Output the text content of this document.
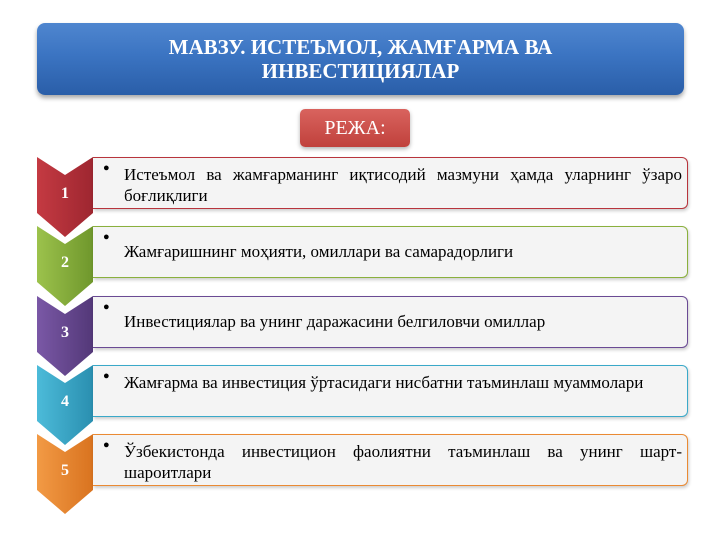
МАВЗУ. ИСТЕЪМОЛ, ЖАМҒАРМА ВА ИНВЕСТИЦИЯЛАР
РЕЖА:
1
● Истеъмол ва жамғарманинг иқтисодий мазмуни ҳамда уларнинг ўзаро боғлиқлиги
2
●
Жамғаришнинг моҳияти, омиллари ва самарадорлиги
3
●
Инвестициялар ва унинг даражасини белгиловчи омиллар
4
● Жамғарма ва инвестиция ўртасидаги нисбатни таъминлаш муаммолари
5
● Ўзбекистонда инвестицион фаолиятни таъминлаш ва унинг шарт-шароитлари
